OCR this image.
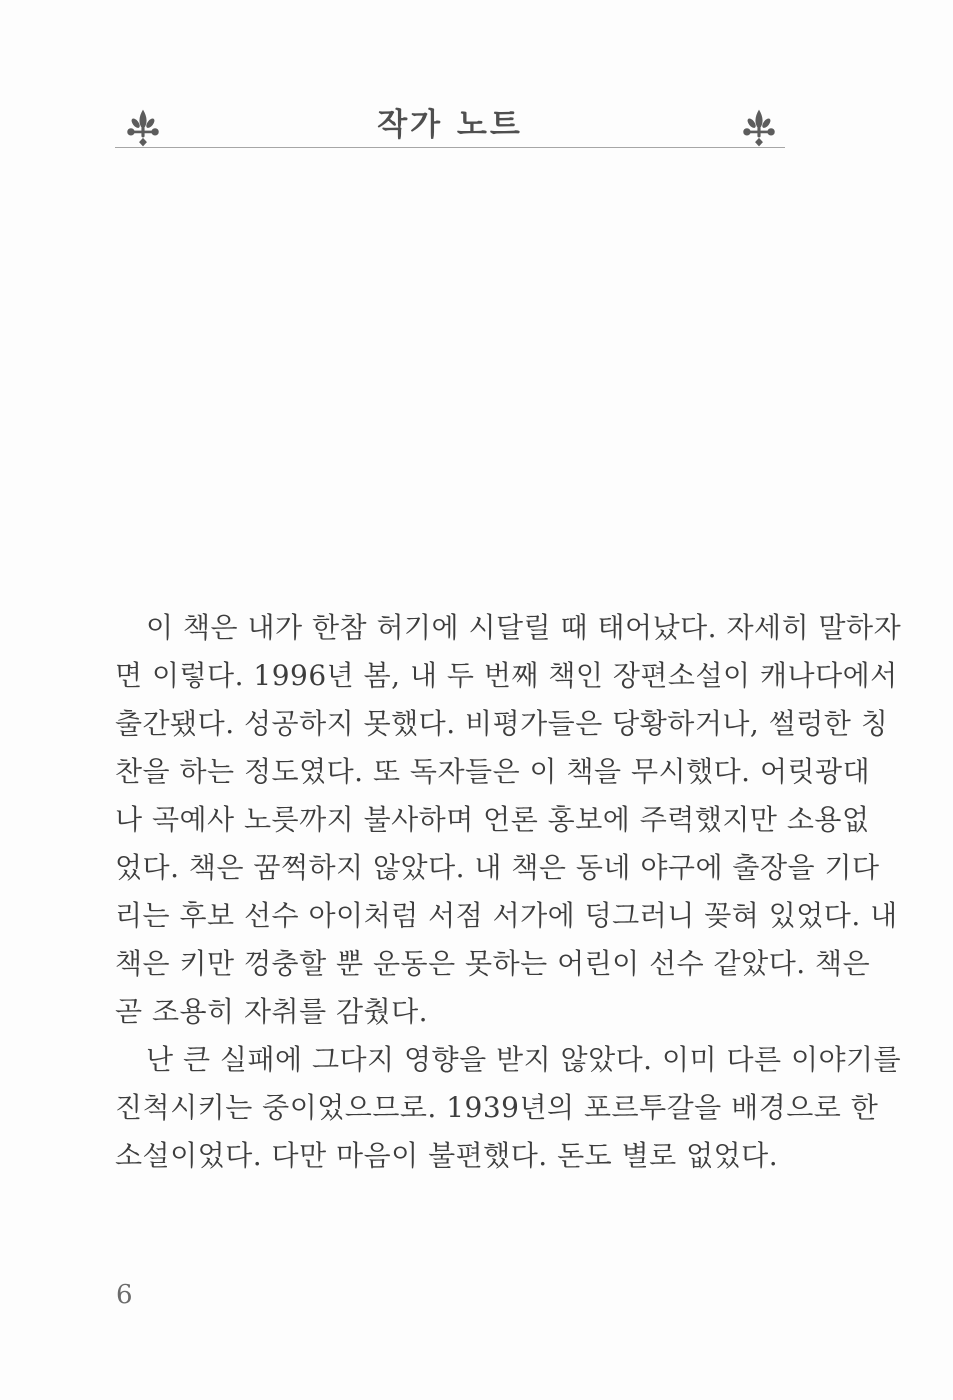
작가 노트
이 책은 내가 한참 허기에 시달릴 때 태어났다. 자세히 말하자
면 이렇다. 1996년 봄, 내 두 번째 책인 장편소설이 캐나다에서
출간됐다. 성공하지 못했다. 비평가들은 당황하거나, 썰렁한 칭
찬을 하는 정도였다. 또 독자들은 이 책을 무시했다. 어릿광대
나 곡예사 노릇까지 불사하며 언론 홍보에 주력했지만 소용없
었다. 책은 꿈쩍하지 않았다. 내 책은 동네 야구에 출장을 기다
리는 후보 선수 아이처럼 서점 서가에 덩그러니 꽂혀 있었다. 내
책은 키만 껑충할 뿐 운동은 못하는 어린이 선수 같았다. 책은
곧 조용히 자취를 감췄다.
난 큰 실패에 그다지 영향을 받지 않았다. 이미 다른 이야기를
진척시키는 중이었으므로. 1939년의 포르투갈을 배경으로 한
소설이었다. 다만 마음이 불편했다. 돈도 별로 없었다.
6
